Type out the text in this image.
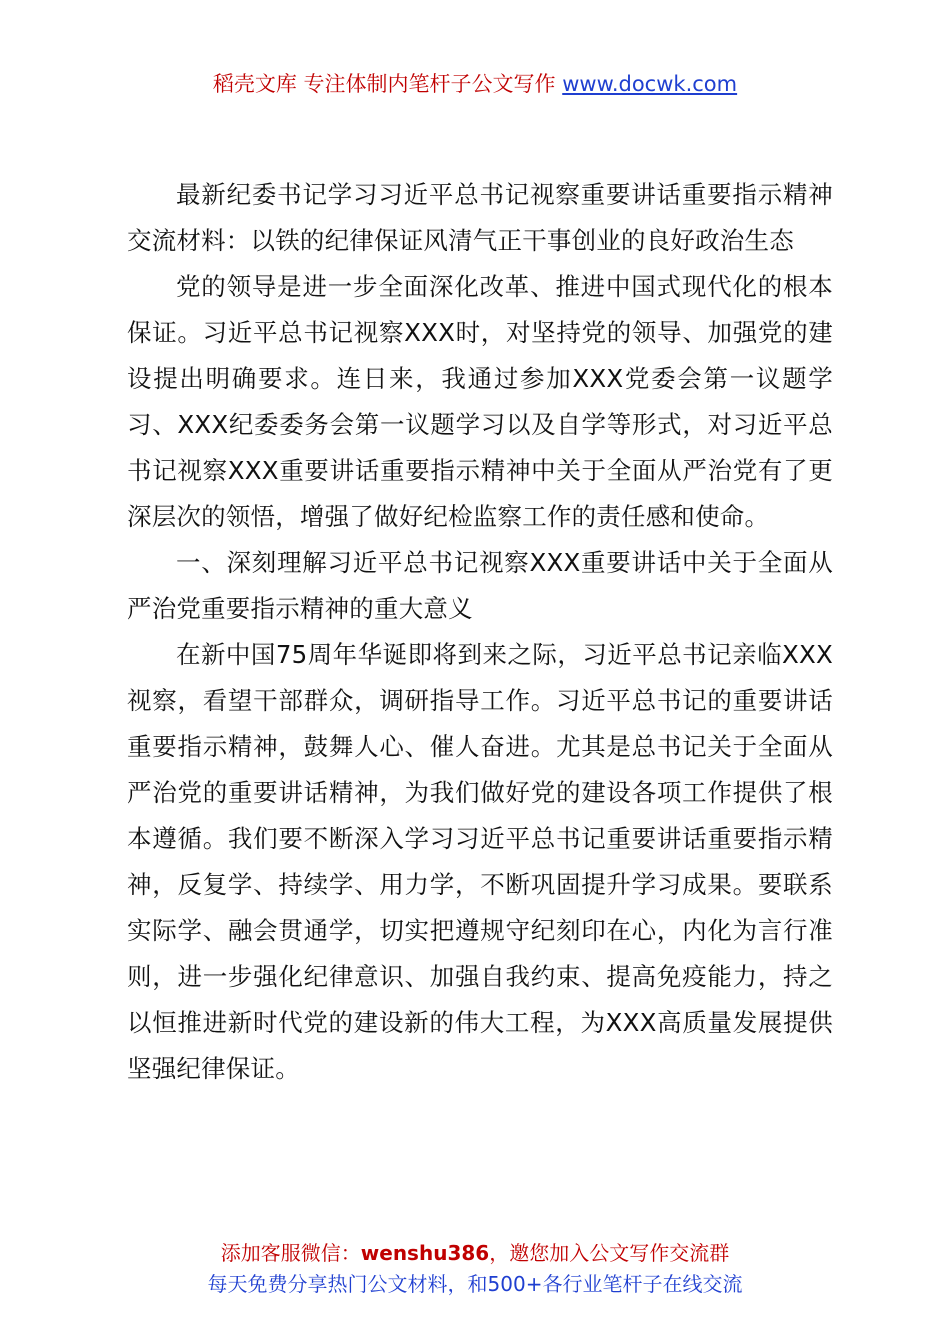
稻壳文库 专注体制内笔杆子公文写作 www.docwk.com

最新纪委书记学习习近平总书记视察重要讲话重要指示精神交流材料：以铁的纪律保证风清气正干事创业的良好政治生态

党的领导是进一步全面深化改革、推进中国式现代化的根本保证。习近平总书记视察XXX时，对坚持党的领导、加强党的建设提出明确要求。连日来，我通过参加XXX党委会第一议题学习、XXX纪委委务会第一议题学习以及自学等形式，对习近平总书记视察XXX重要讲话重要指示精神中关于全面从严治党有了更深层次的领悟，增强了做好纪检监察工作的责任感和使命。

一、深刻理解习近平总书记视察XXX重要讲话中关于全面从严治党重要指示精神的重大意义

在新中国75周年华诞即将到来之际，习近平总书记亲临XXX视察，看望干部群众，调研指导工作。习近平总书记的重要讲话重要指示精神，鼓舞人心、催人奋进。尤其是总书记关于全面从严治党的重要讲话精神，为我们做好党的建设各项工作提供了根本遵循。我们要不断深入学习习近平总书记重要讲话重要指示精神，反复学、持续学、用力学，不断巩固提升学习成果。要联系实际学、融会贯通学，切实把遵规守纪刻印在心，内化为言行准则，进一步强化纪律意识、加强自我约束、提高免疫能力，持之以恒推进新时代党的建设新的伟大工程，为XXX高质量发展提供坚强纪律保证。

添加客服微信：wenshu386，邀您加入公文写作交流群
每天免费分享热门公文材料，和500+各行业笔杆子在线交流
